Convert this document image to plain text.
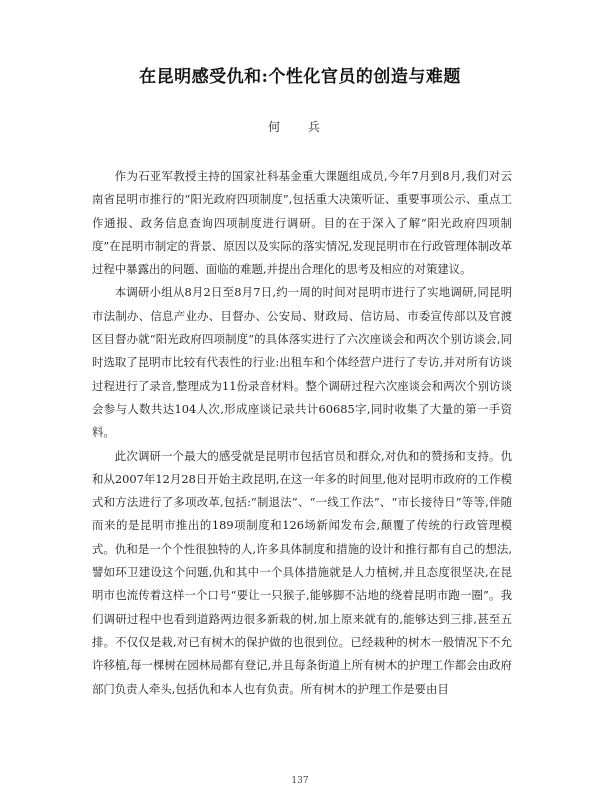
在昆明感受仇和:个性化官员的创造与难题
何 兵

作为石亚军教授主持的国家社科基金重大课题组成员,今年7月到8月,我们对云南省昆明市推行的“阳光政府四项制度”,包括重大决策听证、重要事项公示、重点工作通报、政务信息查询四项制度进行调研。目的在于深入了解“阳光政府四项制度”在昆明市制定的背景、原因以及实际的落实情况,发现昆明市在行政管理体制改革过程中暴露出的问题、面临的难题,并提出合理化的思考及相应的对策建议。

本调研小组从8月2日至8月7日,约一周的时间对昆明市进行了实地调研,同昆明市法制办、信息产业办、目督办、公安局、财政局、信访局、市委宣传部以及官渡区目督办就“阳光政府四项制度”的具体落实进行了六次座谈会和两次个别访谈会,同时选取了昆明市比较有代表性的行业:出租车和个体经营户进行了专访,并对所有访谈过程进行了录音,整理成为11份录音材料。整个调研过程六次座谈会和两次个别访谈会参与人数共达104人次,形成座谈记录共计60685字,同时收集了大量的第一手资料。

此次调研一个最大的感受就是昆明市包括官员和群众,对仇和的赞扬和支持。仇和从2007年12月28日开始主政昆明,在这一年多的时间里,他对昆明市政府的工作模式和方法进行了多项改革,包括:“制退法”、“一线工作法”、“市长接待日”等等,伴随而来的是昆明市推出的189项制度和126场新闻发布会,颠覆了传统的行政管理模式。仇和是一个个性很独特的人,许多具体制度和措施的设计和推行都有自己的想法,譬如环卫建设这个问题,仇和其中一个具体措施就是人力植树,并且态度很坚决,在昆明市也流传着这样一个口号“要让一只猴子,能够脚不沾地的绕着昆明市跑一圈”。我们调研过程中也看到道路两边很多新栽的树,加上原来就有的,能够达到三排,甚至五排。不仅仅是栽,对已有树木的保护做的也很到位。已经栽种的树木一般情况下不允许移植,每一棵树在园林局都有登记,并且每条街道上所有树木的护理工作都会由政府部门负责人牵头,包括仇和本人也有负责。所有树木的护理工作是要由目

137
